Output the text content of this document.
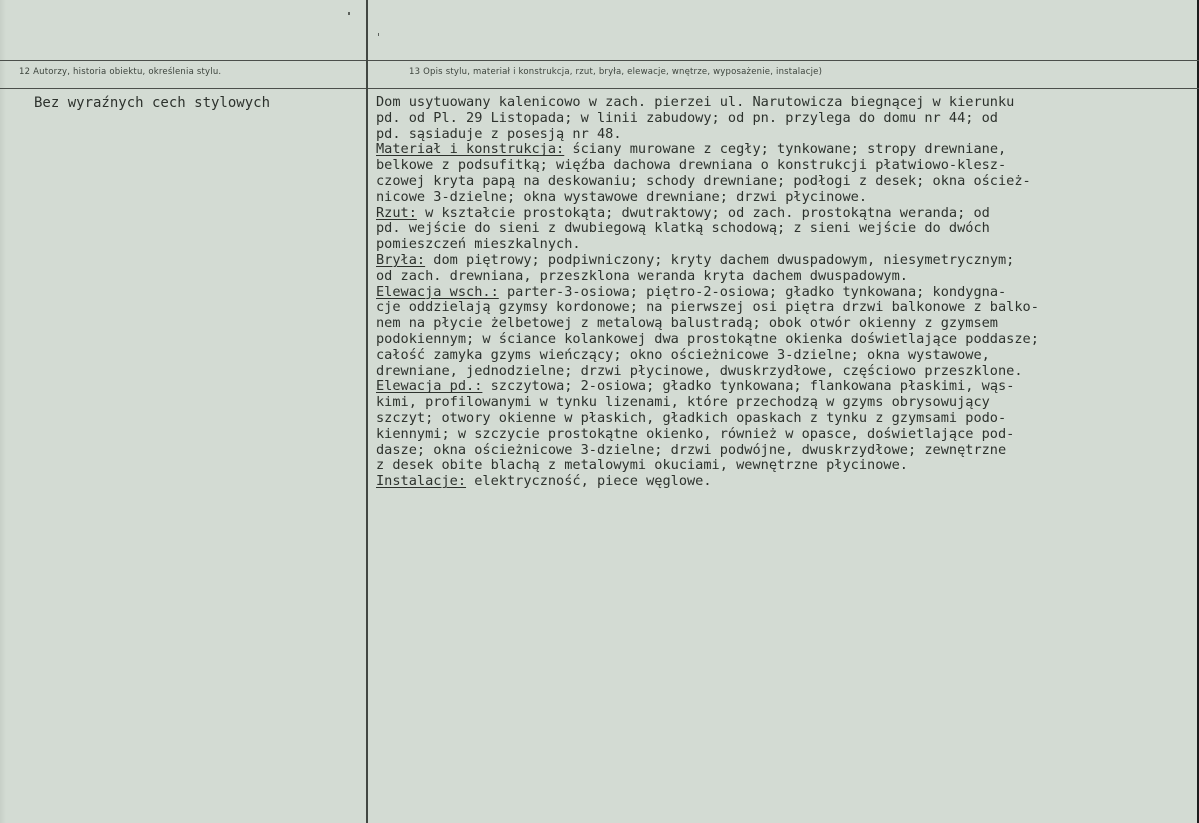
12 Autorzy, historia obiektu, określenia stylu.	13 Opis stylu, materiał i konstrukcja, rzut, bryła, elewacje, wnętrze, wyposażenie, instalacje)
Bez wyraźnych cech stylowych	Dom usytuowany kalenicowo w zach. pierzei ul. Narutowicza biegnącej w kierunku
pd. od Pl. 29 Listopada; w linii zabudowy; od pn. przylega do domu nr 44; od
pd. sąsiaduje z posesją nr 48.
Materiał i konstrukcja: ściany murowane z cegły; tynkowane; stropy drewniane,
belkowe z podsufitką; więźba dachowa drewniana o konstrukcji płatwiowo-klesz-
czowej kryta papą na deskowaniu; schody drewniane; podłogi z desek; okna oścież-
nicowe 3-dzielne; okna wystawowe drewniane; drzwi płycinowe.
Rzut: w kształcie prostokąta; dwutraktowy; od zach. prostokątna weranda; od
pd. wejście do sieni z dwubiegową klatką schodową; z sieni wejście do dwóch
pomieszczeń mieszkalnych.
Bryła: dom piętrowy; podpiwniczony; kryty dachem dwuspadowym, niesymetrycznym;
od zach. drewniana, przeszklona weranda kryta dachem dwuspadowym.
Elewacja wsch.: parter-3-osiowa; piętro-2-osiowa; gładko tynkowana; kondygna-
cje oddzielają gzymsy kordonowe; na pierwszej osi piętra drzwi balkonowe z balko-
nem na płycie żelbetowej z metalową balustradą; obok otwór okienny z gzymsem
podokiennym; w ściance kolankowej dwa prostokątne okienka doświetlające poddasze;
całość zamyka gzyms wieńczący; okno ościeżnicowe 3-dzielne; okna wystawowe,
drewniane, jednodzielne; drzwi płycinowe, dwuskrzydłowe, częściowo przeszklone.
Elewacja pd.: szczytowa; 2-osiowa; gładko tynkowana; flankowana płaskimi, wąs-
kimi, profilowanymi w tynku lizenami, które przechodzą w gzyms obrysowujący
szczyt; otwory okienne w płaskich, gładkich opaskach z tynku z gzymsami podo-
kiennymi; w szczycie prostokątne okienko, również w opasce, doświetlające pod-
dasze; okna ościeżnicowe 3-dzielne; drzwi podwójne, dwuskrzydłowe; zewnętrzne
z desek obite blachą z metalowymi okuciami, wewnętrzne płycinowe.
Instalacje: elektryczność, piece węglowe.
